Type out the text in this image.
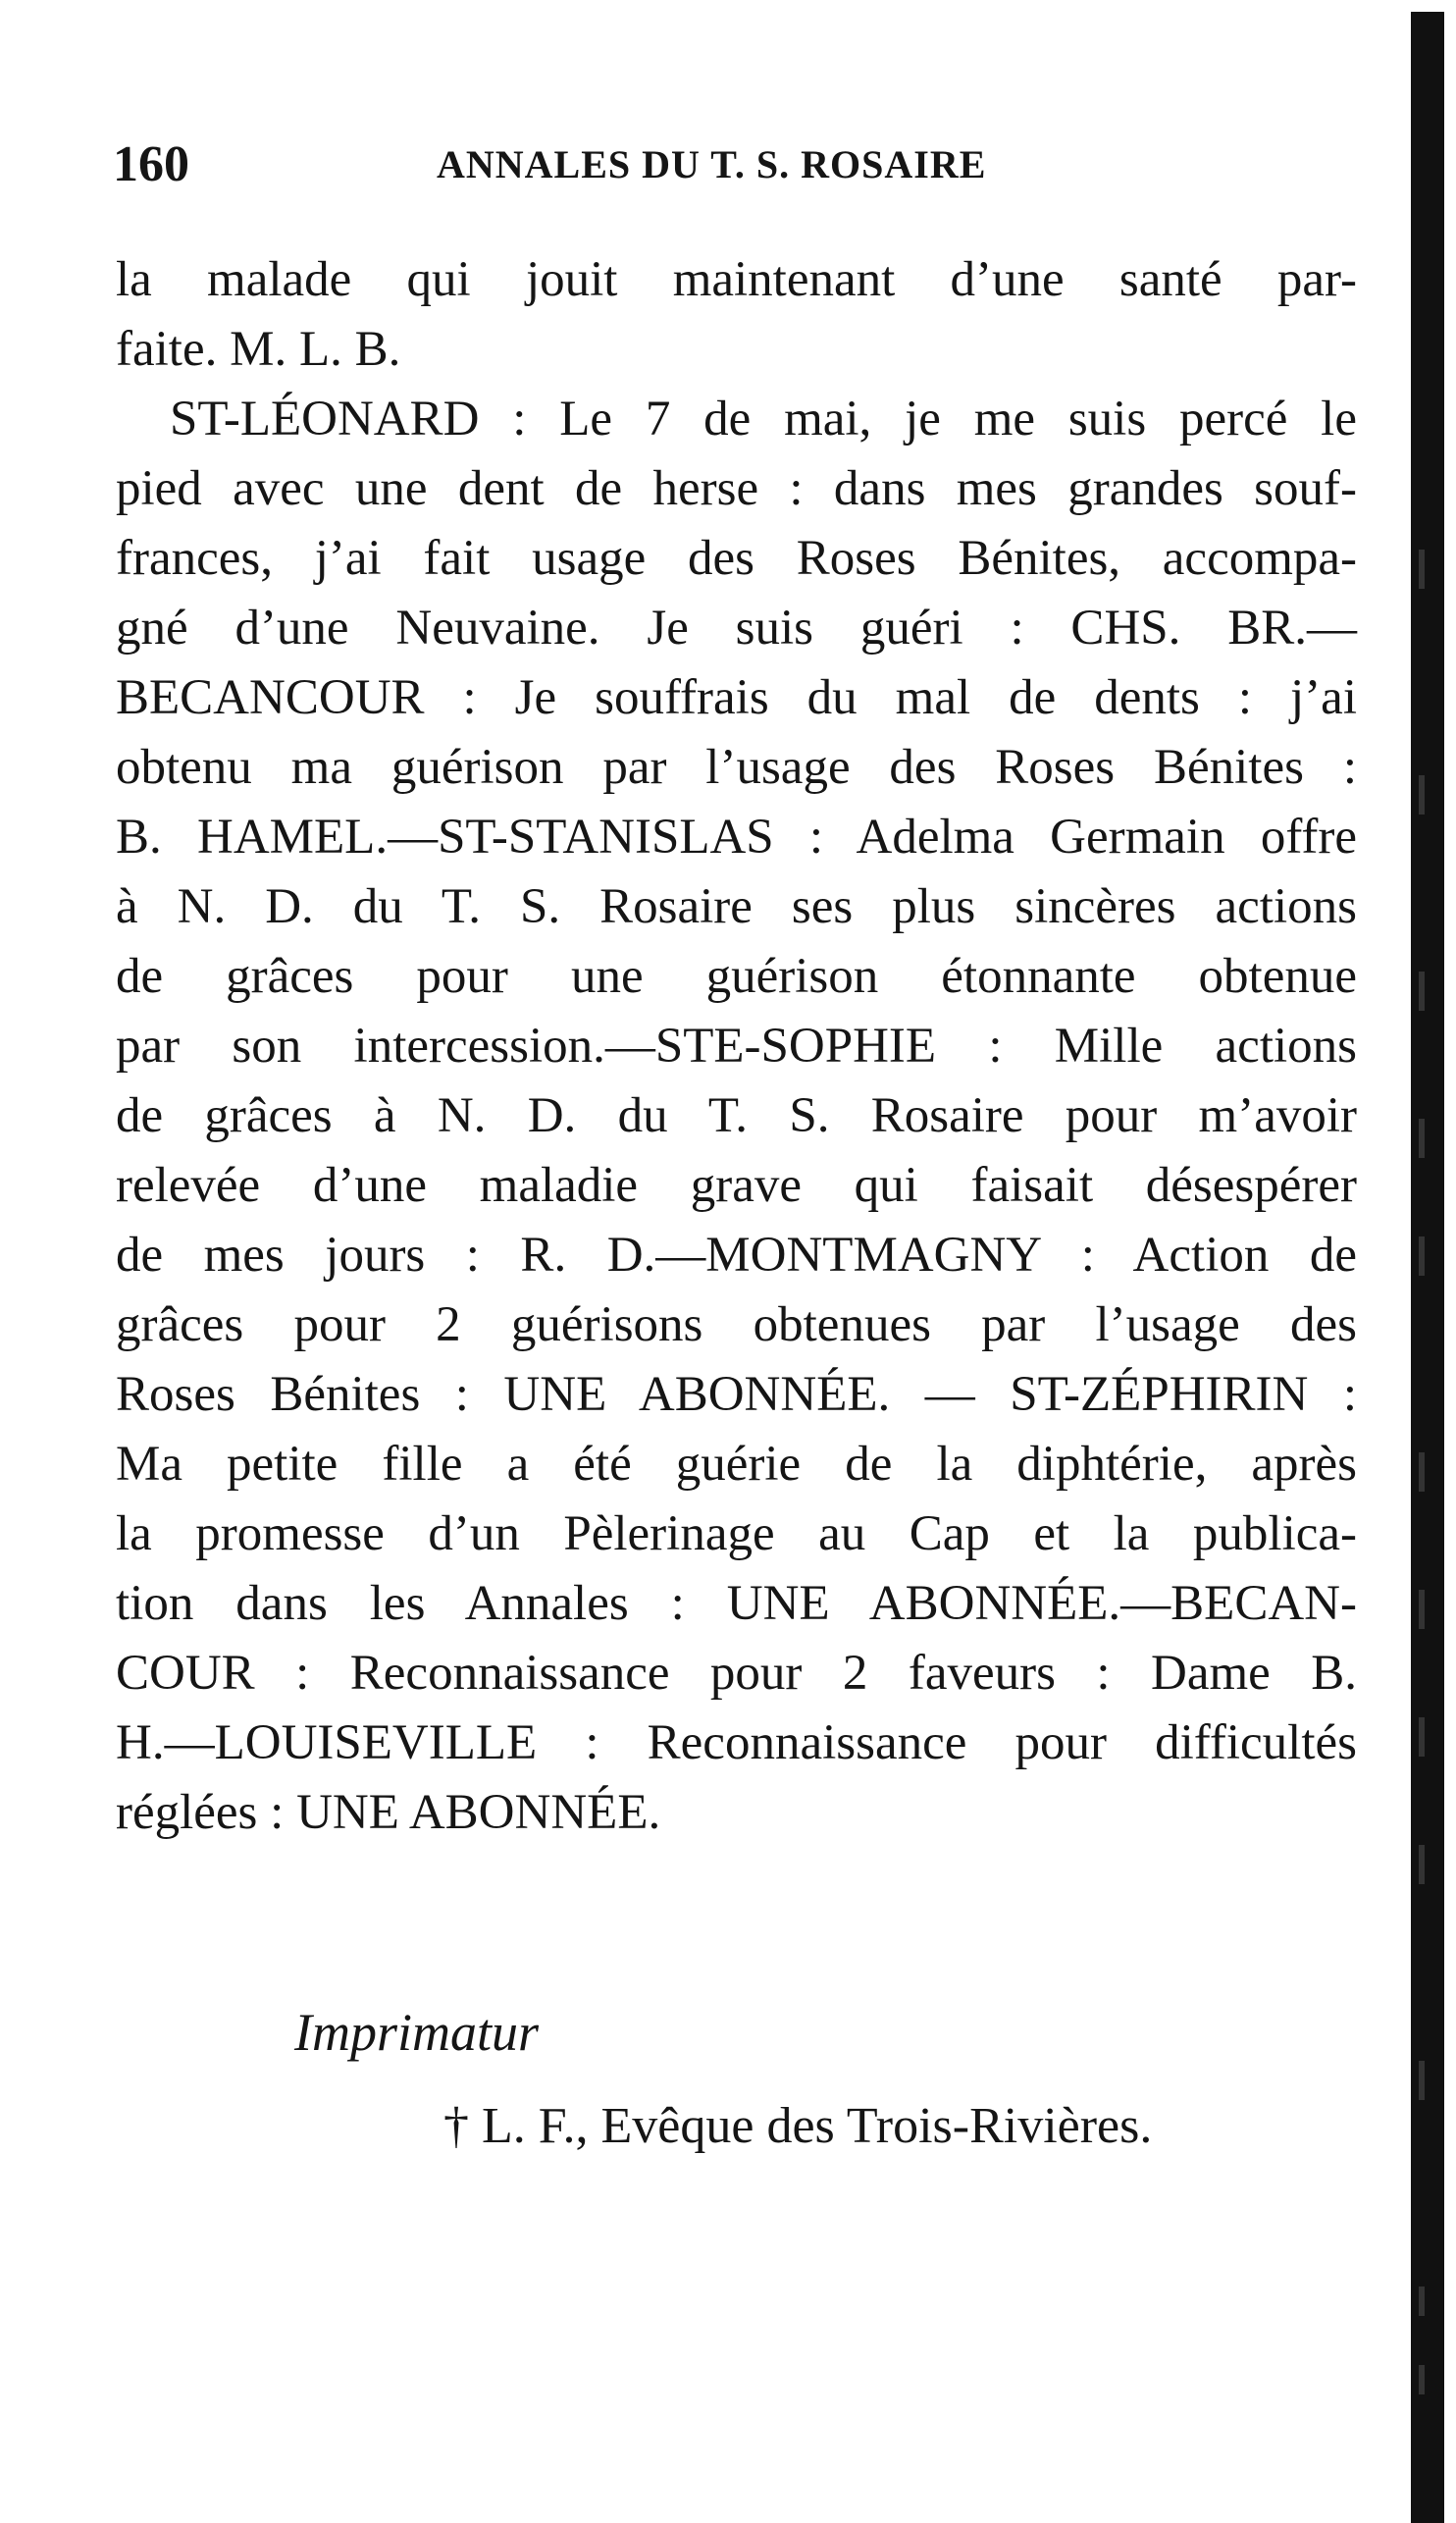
160	ANNALES DU T. S. ROSAIRE
la malade qui jouit maintenant d’une santé par-
faite. M. L. B.
ST-LÉONARD : Le 7 de mai, je me suis percé le
pied avec une dent de herse : dans mes grandes souf-
frances, j’ai fait usage des Roses Bénites, accompa-
gné d’une Neuvaine. Je suis guéri : CHS. BR.—
BECANCOUR : Je souffrais du mal de dents : j’ai
obtenu ma guérison par l’usage des Roses Bénites :
B. HAMEL.—ST-STANISLAS : Adelma Germain offre
à N. D. du T. S. Rosaire ses plus sincères actions
de grâces pour une guérison étonnante obtenue
par son intercession.—STE-SOPHIE : Mille actions
de grâces à N. D. du T. S. Rosaire pour m’avoir
relevée d’une maladie grave qui faisait désespérer
de mes jours : R. D.—MONTMAGNY : Action de
grâces pour 2 guérisons obtenues par l’usage des
Roses Bénites : UNE ABONNÉE. — ST-ZÉPHIRIN :
Ma petite fille a été guérie de la diphtérie, après
la promesse d’un Pèlerinage au Cap et la publica-
tion dans les Annales : UNE ABONNÉE.—BECAN-
COUR : Reconnaissance pour 2 faveurs : Dame B.
H.—LOUISEVILLE : Reconnaissance pour difficultés
réglées : UNE ABONNÉE.
Imprimatur
† L. F., Evêque des Trois-Rivières.
